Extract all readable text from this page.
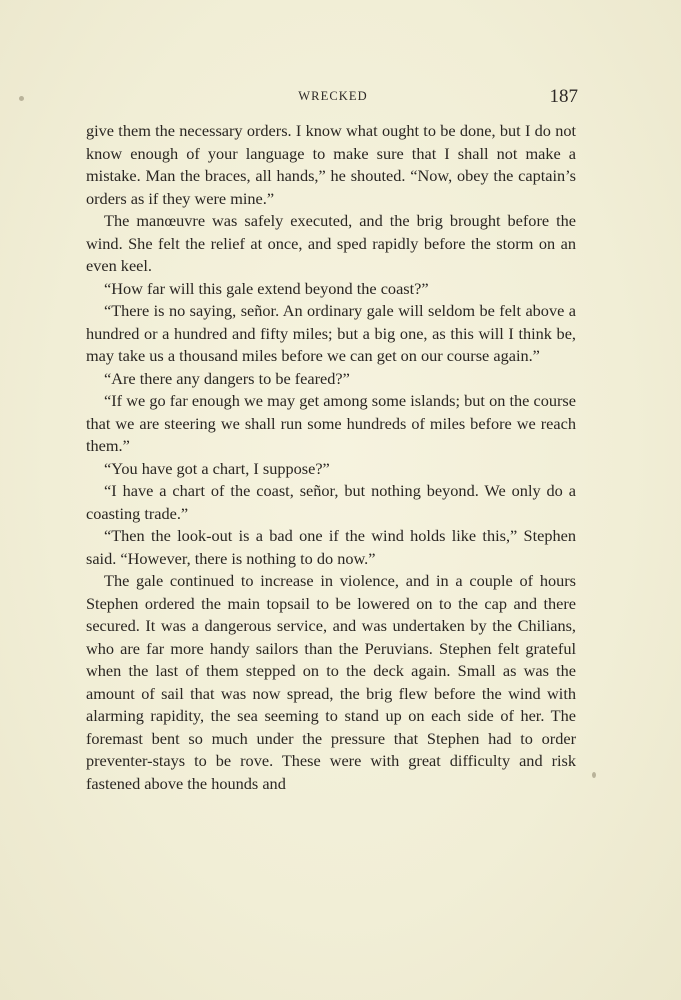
WRECKED	187

give them the necessary orders. I know what ought to be done, but I do not know enough of your language to make sure that I shall not make a mistake. Man the braces, all hands,” he shouted. “Now, obey the captain’s orders as if they were mine.”

The manœuvre was safely executed, and the brig brought before the wind. She felt the relief at once, and sped rapidly before the storm on an even keel.

“How far will this gale extend beyond the coast?”

“There is no saying, señor. An ordinary gale will seldom be felt above a hundred or a hundred and fifty miles; but a big one, as this will I think be, may take us a thousand miles before we can get on our course again.”

“Are there any dangers to be feared?”

“If we go far enough we may get among some islands; but on the course that we are steering we shall run some hundreds of miles before we reach them.”

“You have got a chart, I suppose?”

“I have a chart of the coast, señor, but nothing beyond. We only do a coasting trade.”

“Then the look-out is a bad one if the wind holds like this,” Stephen said. “However, there is nothing to do now.”

The gale continued to increase in violence, and in a couple of hours Stephen ordered the main topsail to be lowered on to the cap and there secured. It was a dangerous service, and was undertaken by the Chilians, who are far more handy sailors than the Peruvians. Stephen felt grateful when the last of them stepped on to the deck again. Small as was the amount of sail that was now spread, the brig flew before the wind with alarming rapidity, the sea seeming to stand up on each side of her. The foremast bent so much under the pressure that Stephen had to order preventer-stays to be rove. These were with great difficulty and risk fastened above the hounds and
